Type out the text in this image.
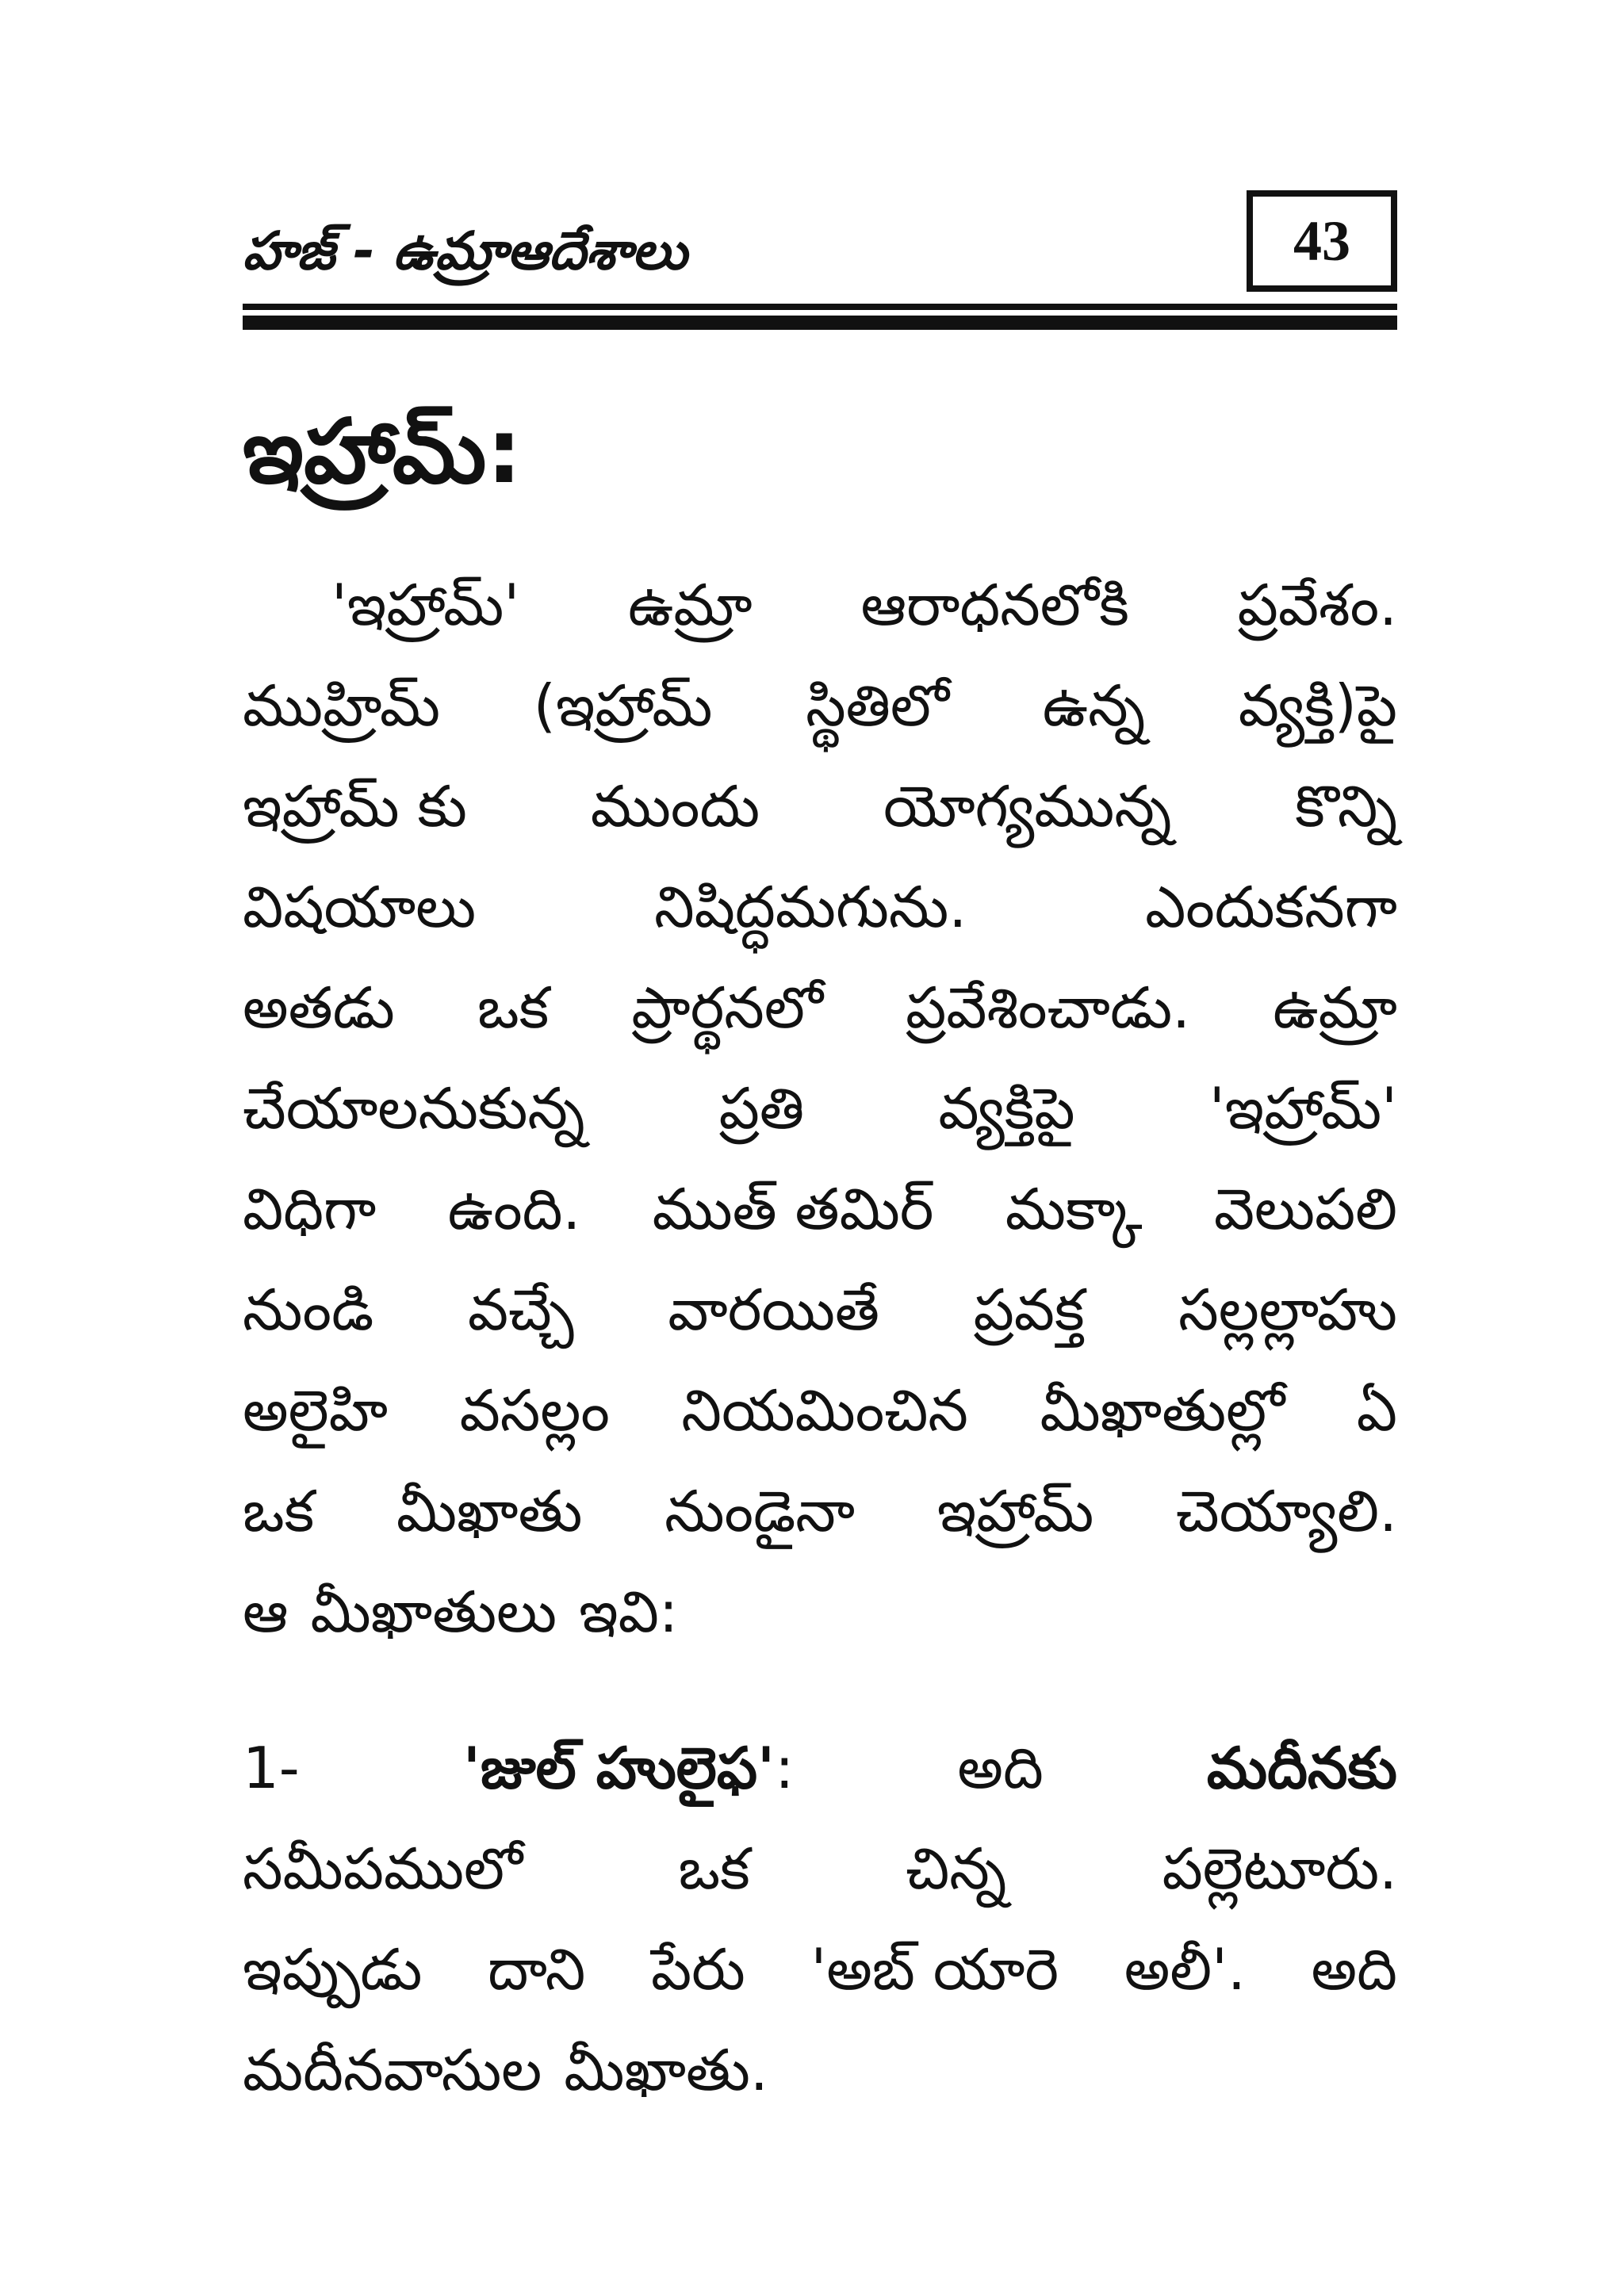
హజ్ - ఉమ్రాఆదేశాలు	43
ఇహ్రామ్:
'ఇహ్రామ్' ఉమ్రా ఆరాధనలోకి ప్రవేశం.
ముహ్రిమ్ (ఇహ్రామ్ స్థితిలో ఉన్న వ్యక్తి)పై
ఇహ్రామ్ కు ముందు యోగ్యమున్న కొన్ని
విషయాలు	నిషిద్ధమగును.	ఎందుకనగా
అతడు ఒక ప్రార్థనలో ప్రవేశించాడు. ఉమ్రా
చేయాలనుకున్న ప్రతి వ్యక్తిపై 'ఇహ్రామ్'
విధిగా ఉంది. ముత్ తమిర్ మక్కా వెలుపలి
నుండి వచ్చే వారయితే ప్రవక్త సల్లల్లాహు
అలైహి వసల్లం నియమించిన మీఖాతుల్లో ఏ
ఒక మీఖాతు నుండైనా ఇహ్రామ్ చెయ్యాలి.
ఆ మీఖాతులు ఇవి:
1-	'జుల్ హులైఫ':	అది	మదీనకు
సమీపములో	ఒక	చిన్న	పల్లెటూరు.
ఇప్పుడు దాని పేరు 'అబ్ యారె అలీ'. అది
మదీనవాసుల మీఖాతు.
